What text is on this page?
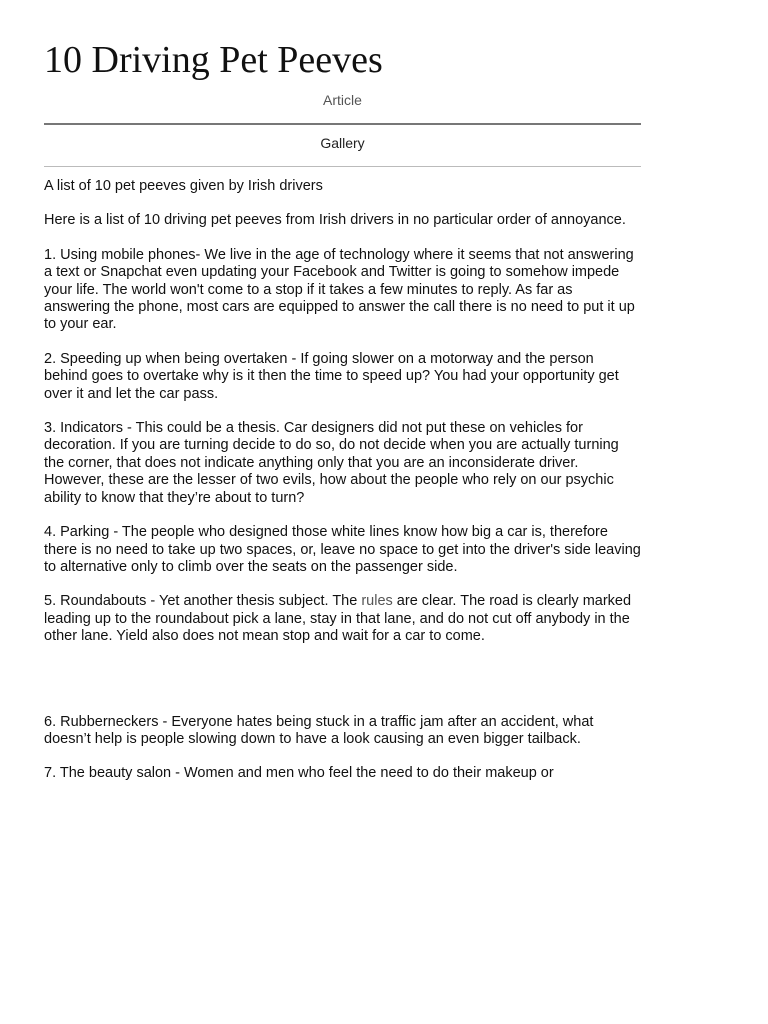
10 Driving Pet Peeves
Article
Gallery

A list of 10 pet peeves given by Irish drivers

Here is a list of 10 driving pet peeves from Irish drivers in no particular order of annoyance.

1. Using mobile phones- We live in the age of technology where it seems that not answering a text or Snapchat even updating your Facebook and Twitter is going to somehow impede your life. The world won't come to a stop if it takes a few minutes to reply. As far as answering the phone, most cars are equipped to answer the call there is no need to put it up to your ear.

2. Speeding up when being overtaken - If going slower on a motorway and the person behind goes to overtake why is it then the time to speed up? You had your opportunity get over it and let the car pass.

3. Indicators - This could be a thesis. Car designers did not put these on vehicles for decoration. If you are turning decide to do so, do not decide when you are actually turning the corner, that does not indicate anything only that you are an inconsiderate driver. However, these are the lesser of two evils, how about the people who rely on our psychic ability to know that they’re about to turn?

4. Parking - The people who designed those white lines know how big a car is, therefore there is no need to take up two spaces, or, leave no space to get into the driver's side leaving to alternative only to climb over the seats on the passenger side.

5. Roundabouts - Yet another thesis subject. The rules are clear. The road is clearly marked leading up to the roundabout pick a lane, stay in that lane, and do not cut off anybody in the other lane. Yield also does not mean stop and wait for a car to come.

6. Rubberneckers - Everyone hates being stuck in a traffic jam after an accident, what doesn’t help is people slowing down to have a look causing an even bigger tailback.

7. The beauty salon - Women and men who feel the need to do their makeup or
